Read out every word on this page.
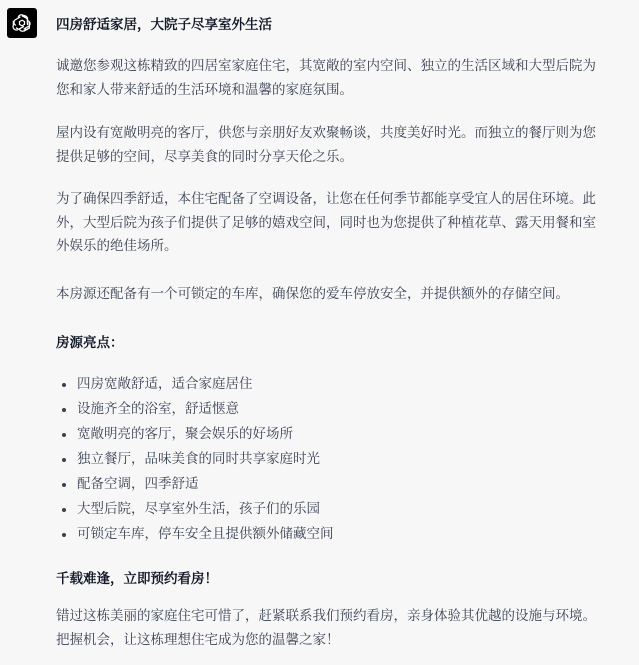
四房舒适家居，大院子尽享室外生活

诚邀您参观这栋精致的四居室家庭住宅，其宽敞的室内空间、独立的生活区域和大型后院为
您和家人带来舒适的生活环境和温馨的家庭氛围。

屋内设有宽敞明亮的客厅，供您与亲朋好友欢聚畅谈，共度美好时光。而独立的餐厅则为您
提供足够的空间，尽享美食的同时分享天伦之乐。

为了确保四季舒适，本住宅配备了空调设备，让您在任何季节都能享受宜人的居住环境。此
外，大型后院为孩子们提供了足够的嬉戏空间，同时也为您提供了种植花草、露天用餐和室
外娱乐的绝佳场所。

本房源还配备有一个可锁定的车库，确保您的爱车停放安全，并提供额外的存储空间。

房源亮点：
四房宽敞舒适，适合家庭居住
设施齐全的浴室，舒适惬意
宽敞明亮的客厅，聚会娱乐的好场所
独立餐厅，品味美食的同时共享家庭时光
配备空调，四季舒适
大型后院，尽享室外生活，孩子们的乐园
可锁定车库，停车安全且提供额外储藏空间
千载难逢，立即预约看房！

错过这栋美丽的家庭住宅可惜了，赶紧联系我们预约看房，亲身体验其优越的设施与环境。
把握机会，让这栋理想住宅成为您的温馨之家！
